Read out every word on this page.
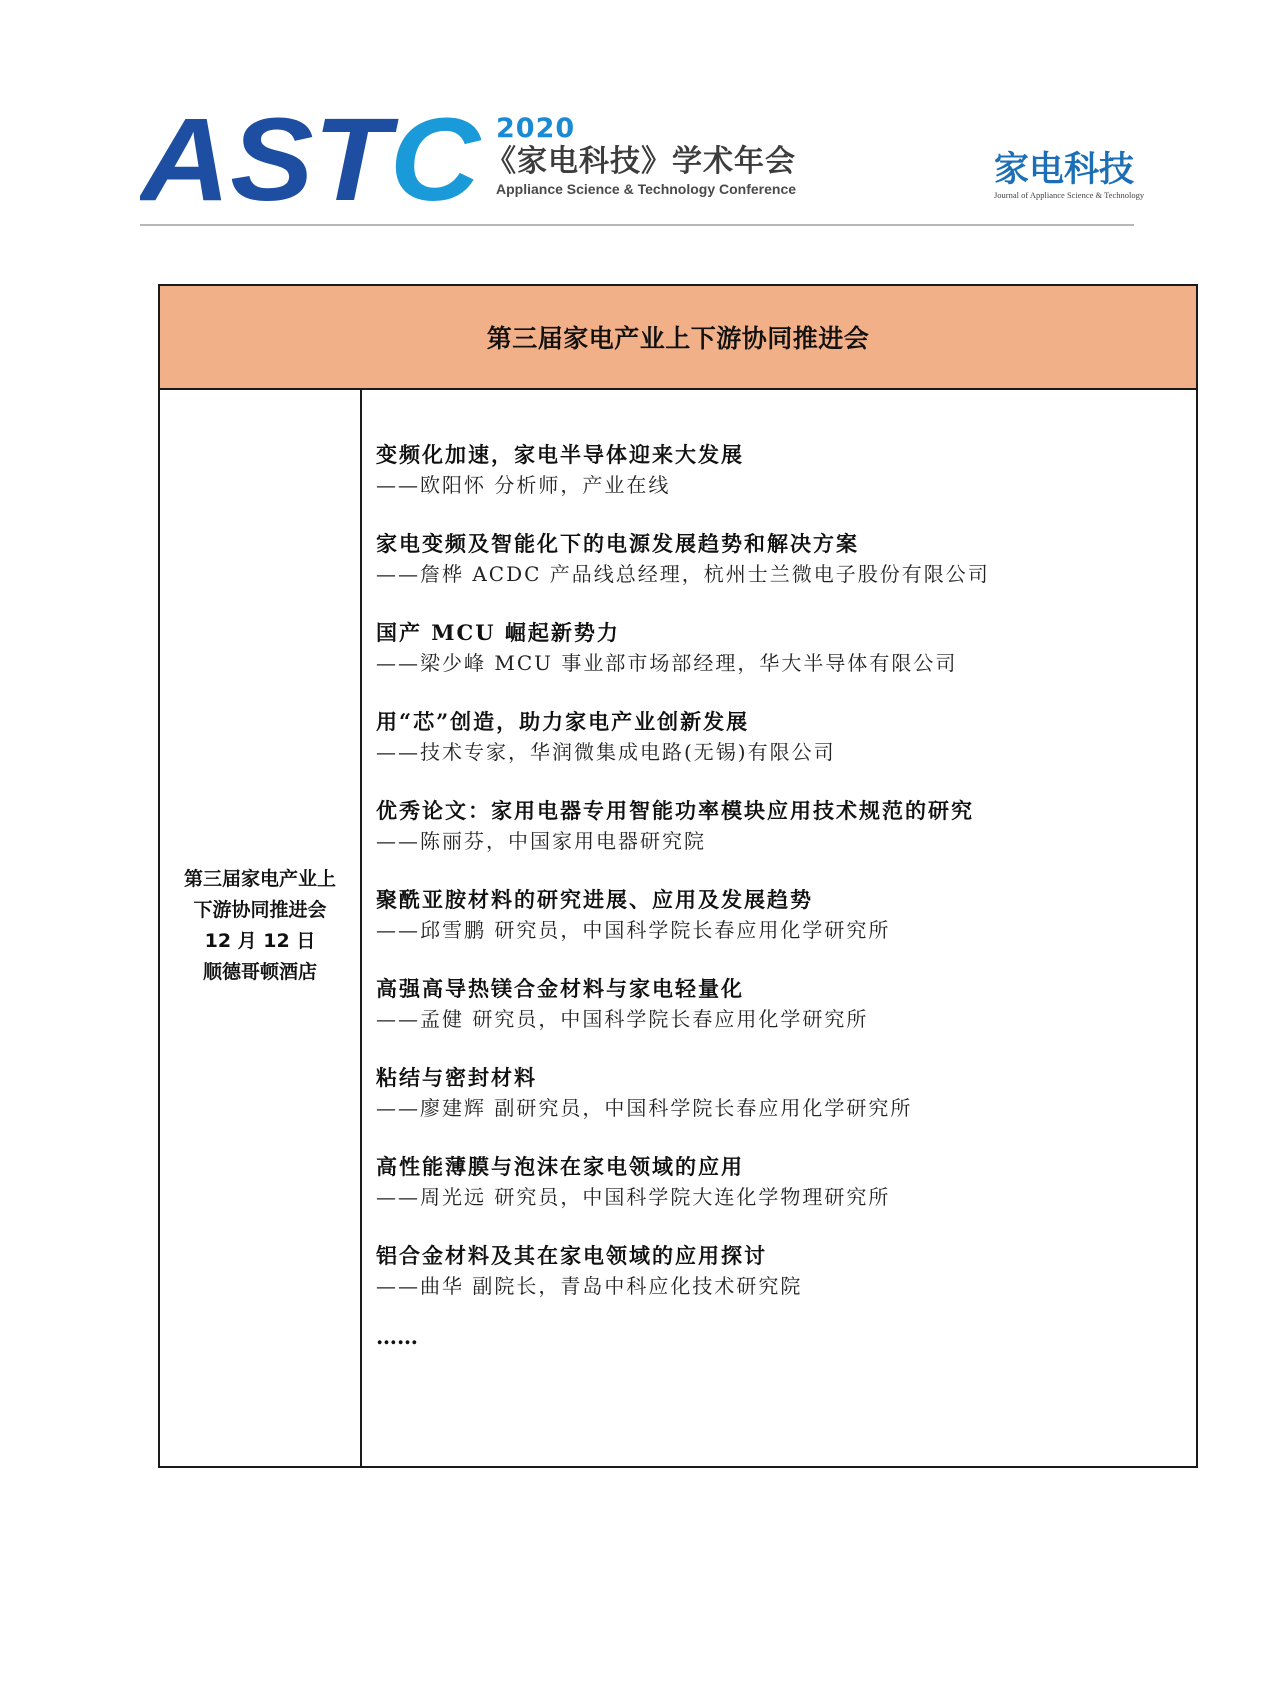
AST C 2020
《家电科技》学术年会
Appliance Science & Technology Conference	家电科技
Journal of Appliance Science & Technology
第三届家电产业上下游协同推进会
第三届家电产业上
下游协同推进会
12 月 12 日
顺德哥顿酒店
变频化加速，家电半导体迎来大发展
——欧阳怀 分析师，产业在线
家电变频及智能化下的电源发展趋势和解决方案
——詹桦 ACDC 产品线总经理，杭州士兰微电子股份有限公司
国产 MCU 崛起新势力
——梁少峰 MCU 事业部市场部经理，华大半导体有限公司
用“芯”创造，助力家电产业创新发展
——技术专家，华润微集成电路(无锡)有限公司
优秀论文：家用电器专用智能功率模块应用技术规范的研究
——陈丽芬，中国家用电器研究院
聚酰亚胺材料的研究进展、应用及发展趋势
——邱雪鹏 研究员，中国科学院长春应用化学研究所
高强高导热镁合金材料与家电轻量化
——孟健 研究员，中国科学院长春应用化学研究所
粘结与密封材料
——廖建辉 副研究员，中国科学院长春应用化学研究所
高性能薄膜与泡沫在家电领域的应用
——周光远 研究员，中国科学院大连化学物理研究所
铝合金材料及其在家电领域的应用探讨
——曲华 副院长，青岛中科应化技术研究院
……
